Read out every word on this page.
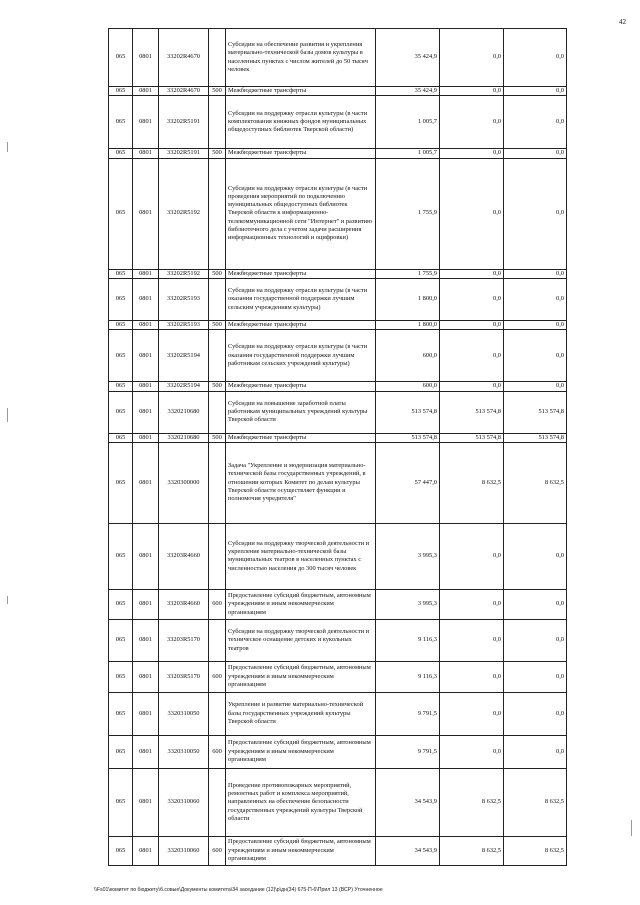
42
065	0801	33202R4670		Субсидии на обеспечение развития и укрепления материально-технической базы домов культуры в населенных пунктах с числом жителей до 50 тысяч человек	35 424,9	0,0	0,0
065	0801	33202R4670	500	Межбюджетные трансферты	35 424,9	0,0	0,0
065	0801	33202R5191		Субсидии на поддержку отрасли культуры (в части комплектования книжных фондов муниципальных общедоступных библиотек Тверской области)	1 005,7	0,0	0,0
065	0801	33202R5191	500	Межбюджетные трансферты	1 005,7	0,0	0,0
065	0801	33202R5192		Субсидии на поддержку отрасли культуры (в части проведения мероприятий по подключению муниципальных общедоступных библиотек Тверской области к информационно-телекоммуникационной сети "Интернет" и развитию библиотечного дела с учетом задачи расширения информационных технологий и оцифровки)	1 755,9	0,0	0,0
065	0801	33202R5192	500	Межбюджетные трансферты	1 755,9	0,0	0,0
065	0801	33202R5193		Субсидии на поддержку отрасли культуры (в части оказания государственной поддержки лучшим сельским учреждениям культуры)	1 800,0	0,0	0,0
065	0801	33202R5193	500	Межбюджетные трансферты	1 800,0	0,0	0,0
065	0801	33202R5194		Субсидии на поддержку отрасли культуры (в части оказания государственной поддержки лучшим работникам сельских учреждений культуры)	600,0	0,0	0,0
065	0801	33202R5194	500	Межбюджетные трансферты	600,0	0,0	0,0
065	0801	3320210680		Субсидии на повышение заработной платы работникам муниципальных учреждений культуры Тверской области	513 574,8	513 574,8	513 574,8
065	0801	3320210680	500	Межбюджетные трансферты	513 574,8	513 574,8	513 574,8
065	0801	3320300000		Задача "Укрепление и модернизация материально-технической базы государственных учреждений, в отношении которых Комитет по делам культуры Тверской области осуществляет функции и полномочия учредителя"	57 447,0	8 632,5	8 632,5
065	0801	33203R4660		Субсидии на поддержку творческой деятельности и укрепление материально-технической базы муниципальных театров в населенных пунктах с численностью населения до 300 тысяч человек	3 995,3	0,0	0,0
065	0801	33203R4660	600	Предоставление субсидий бюджетным, автономным учреждениям и иным некоммерческим организациям	3 995,3	0,0	0,0
065	0801	33203R5170		Субсидии на поддержку творческой деятельности и техническое оснащение детских и кукольных театров	9 116,3	0,0	0,0
065	0801	33203R5170	600	Предоставление субсидий бюджетным, автономным учреждениям и иным некоммерческим организациям	9 116,3	0,0	0,0
065	0801	3320310050		Укрепление и развитие материально-технической базы государственных учреждений культуры Тверской области	9 791,5	0,0	0,0
065	0801	3320310050	600	Предоставление субсидий бюджетным, автономным учреждениям и иным некоммерческим организациям	9 791,5	0,0	0,0
065	0801	3320310060		Проведение противопожарных мероприятий, ремонтных работ и комплекса мероприятий, направленных на обеспечение безопасности государственных учреждений культуры Тверской области	34 543,9	8 632,5	8 632,5
065	0801	3320310060	600	Предоставление субсидий бюджетным, автономным учреждениям и иным некоммерческим организациям	34 543,9	8 632,5	8 632,5
\\Fs01\комитет по бюджету\б.совые\Документы комитета\34 заседание (12)\р\дн(34) 675-П-6\Прил 13 (ВСР) Уточненное
